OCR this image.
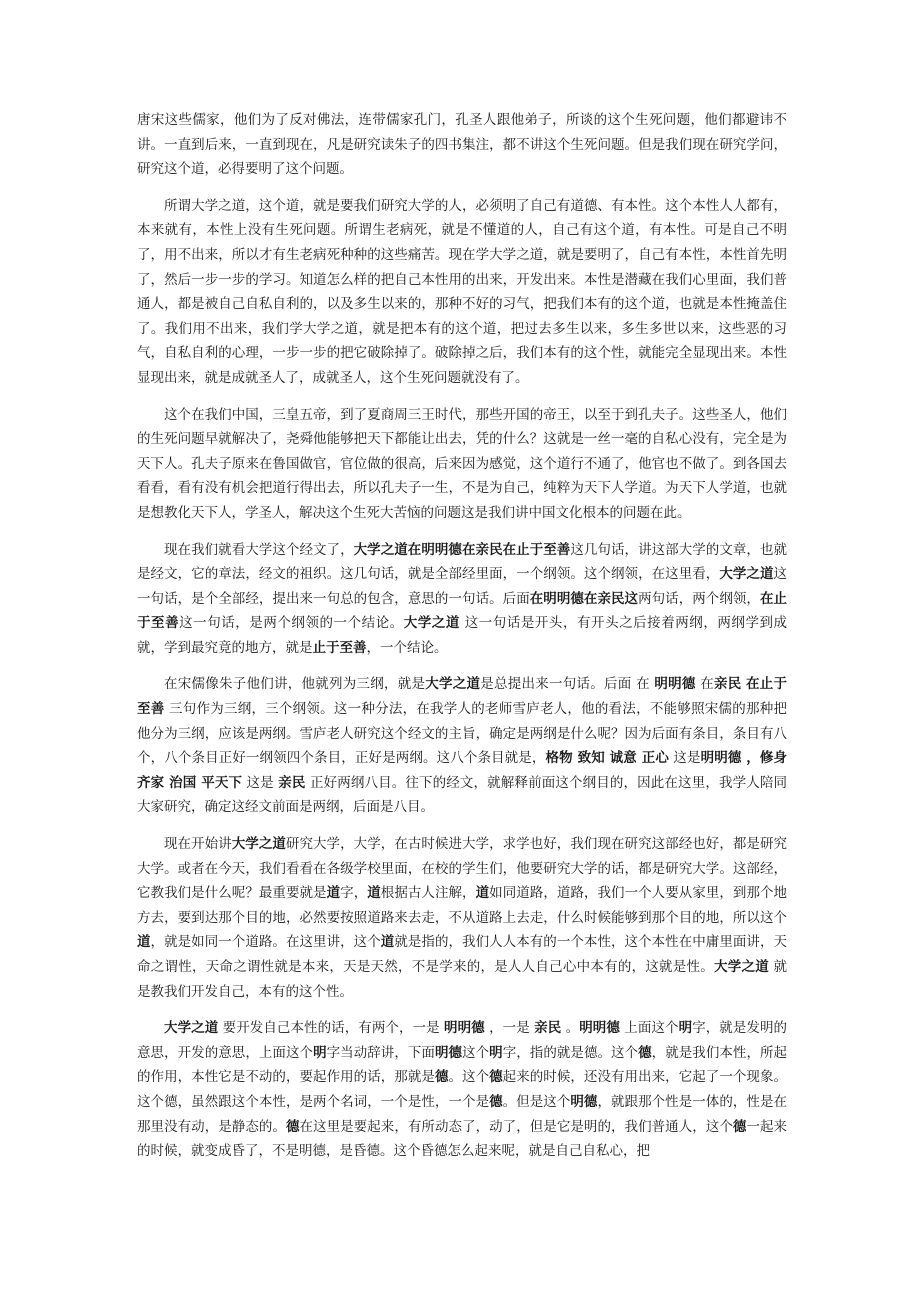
唐宋这些儒家，他们为了反对佛法，连带儒家孔门，孔圣人跟他弟子，所谈的这个生死问题，他们都避讳不讲。一直到后来，一直到现在，凡是研究读朱子的四书集注，都不讲这个生死问题。但是我们现在研究学问，研究这个道，必得要明了这个问题。

所谓大学之道，这个道，就是要我们研究大学的人，必须明了自己有道德、有本性。这个本性人人都有，本来就有，本性上没有生死问题。所谓生老病死，就是不懂道的人，自己有这个道，有本性。可是自己不明了，用不出来，所以才有生老病死种种的这些痛苦。现在学大学之道，就是要明了，自己有本性，本性首先明了，然后一步一步的学习。知道怎么样的把自己本性用的出来，开发出来。本性是潜藏在我们心里面，我们普通人，都是被自己自私自利的，以及多生以来的，那种不好的习气，把我们本有的这个道，也就是本性掩盖住了。我们用不出来，我们学大学之道，就是把本有的这个道，把过去多生以来，多生多世以来，这些恶的习气，自私自利的心理，一步一步的把它破除掉了。破除掉之后，我们本有的这个性，就能完全显现出来。本性显现出来，就是成就圣人了，成就圣人，这个生死问题就没有了。

这个在我们中国，三皇五帝，到了夏商周三王时代，那些开国的帝王，以至于到孔夫子。这些圣人，他们的生死问题早就解决了，尧舜他能够把天下都能让出去，凭的什么？这就是一丝一毫的自私心没有，完全是为天下人。孔夫子原来在鲁国做官，官位做的很高，后来因为感觉，这个道行不通了，他官也不做了。到各国去看看，看有没有机会把道行得出去，所以孔夫子一生，不是为自己，纯粹为天下人学道。为天下人学道，也就是想教化天下人，学圣人，解决这个生死大苦恼的问题这是我们讲中国文化根本的问题在此。

现在我们就看大学这个经文了，大学之道在明明德在亲民在止于至善这几句话，讲这部大学的文章，也就是经文，它的章法，经文的祖织。这几句话，就是全部经里面，一个纲领。这个纲领，在这里看，大学之道这一句话，是个全部经，提出来一句总的包含，意思的一句话。后面在明明德在亲民这两句话，两个纲领，在止于至善这一句话，是两个纲领的一个结论。大学之道 这一句话是开头，有开头之后接着两纲，两纲学到成就，学到最究竟的地方，就是止于至善，一个结论。

在宋儒像朱子他们讲，他就列为三纲，就是大学之道是总提出来一句话。后面 在 明明德 在亲民 在止于至善 三句作为三纲，三个纲领。这一种分法，在我学人的老师雪庐老人，他的看法，不能够照宋儒的那种把他分为三纲，应该是两纲。雪庐老人研究这个经文的主旨，确定是两纲是什么呢？因为后面有条目，条目有八个，八个条目正好一纲领四个条目，正好是两纲。这八个条目就是，格物 致知 诚意 正心 这是明明德 ，修身 齐家 治国 平天下 这是 亲民 正好两纲八目。往下的经文，就解释前面这个纲目的，因此在这里，我学人陪同大家研究，确定这经文前面是两纲，后面是八目。

现在开始讲大学之道研究大学，大学，在古时候进大学，求学也好，我们现在研究这部经也好，都是研究大学。或者在今天，我们看看在各级学校里面，在校的学生们，他要研究大学的话，都是研究大学。这部经，它教我们是什么呢？最重要就是道字，道根据古人注解，道如同道路，道路，我们一个人要从家里，到那个地方去，要到达那个目的地，必然要按照道路来去走，不从道路上去走，什么时候能够到那个目的地，所以这个道，就是如同一个道路。在这里讲，这个道就是指的，我们人人本有的一个本性，这个本性在中庸里面讲，天命之谓性，天命之谓性就是本来，天是天然，不是学来的，是人人自己心中本有的，这就是性。大学之道 就是教我们开发自己，本有的这个性。

大学之道 要开发自己本性的话，有两个，一是 明明德 ，一是 亲民 。明明德 上面这个明字，就是发明的意思，开发的意思，上面这个明字当动辞讲，下面明德这个明字，指的就是德。这个德，就是我们本性，所起的作用，本性它是不动的，要起作用的话，那就是德。这个德起来的时候，还没有用出来，它起了一个现象。这个德，虽然跟这个本性，是两个名词，一个是性，一个是德。但是这个明德，就跟那个性是一体的，性是在那里没有动，是静态的。德在这里是要起来，有所动态了，动了，但是它是明的，我们普通人，这个德一起来的时候，就变成昏了，不是明德，是昏德。这个昏德怎么起来呢，就是自己自私心，把
